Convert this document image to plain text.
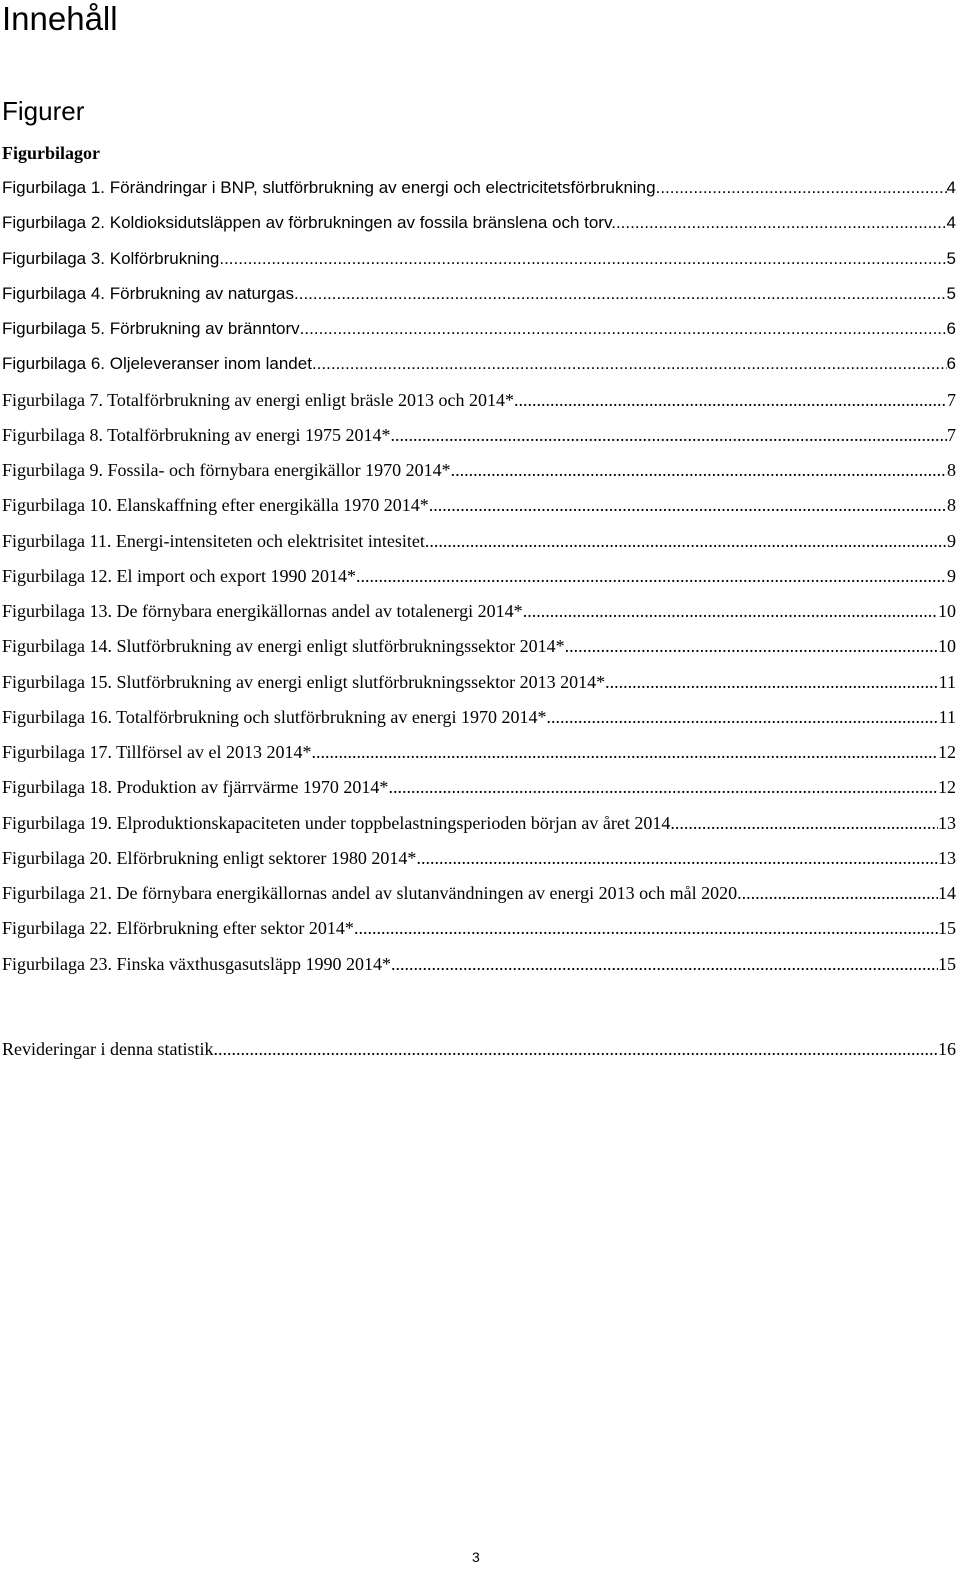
Innehåll
Figurer
Figurbilagor
Figurbilaga 1. Förändringar i BNP, slutförbrukning av energi och electricitetsförbrukning .....	4
Figurbilaga 2. Koldioksidutsläppen av förbrukningen av fossila bränslena och torv. .....	4
Figurbilaga 3. Kolförbrukning .....	5
Figurbilaga 4. Förbrukning av naturgas .....	5
Figurbilaga 5. Förbrukning av bränntorv .....	6
Figurbilaga 6. Oljeleveranser inom landet .....	6
Figurbilaga 7. Totalförbrukning av energi enligt bräsle 2013 och 2014* .....	7
Figurbilaga 8. Totalförbrukning av energi 1975 2014* .....	7
Figurbilaga 9. Fossila- och förnybara energikällor 1970 2014* .....	8
Figurbilaga 10. Elanskaffning efter energikälla 1970 2014* .....	8
Figurbilaga 11. Energi-intensiteten och elektrisitet intesitet .....	9
Figurbilaga 12. El import och export 1990 2014* .....	9
Figurbilaga 13. De förnybara energikällornas andel av totalenergi 2014* .....	10
Figurbilaga 14. Slutförbrukning av energi enligt slutförbrukningssektor 2014* .....	10
Figurbilaga 15. Slutförbrukning av energi enligt slutförbrukningssektor 2013 2014* .....	11
Figurbilaga 16. Totalförbrukning och slutförbrukning av energi 1970 2014* .....	11
Figurbilaga 17. Tillförsel av el 2013 2014* .....	12
Figurbilaga 18. Produktion av fjärrvärme 1970 2014* .....	12
Figurbilaga 19. Elproduktionskapaciteten under toppbelastningsperioden början av året 2014 .....	13
Figurbilaga 20. Elförbrukning enligt sektorer 1980 2014* .....	13
Figurbilaga 21. De förnybara energikällornas andel av slutanvändningen av energi 2013 och mål 2020 .....	14
Figurbilaga 22. Elförbrukning efter sektor 2014* .....	15
Figurbilaga 23. Finska växthusgasutsläpp 1990 2014* .....	15
Revideringar i denna statistik .....	16
3
